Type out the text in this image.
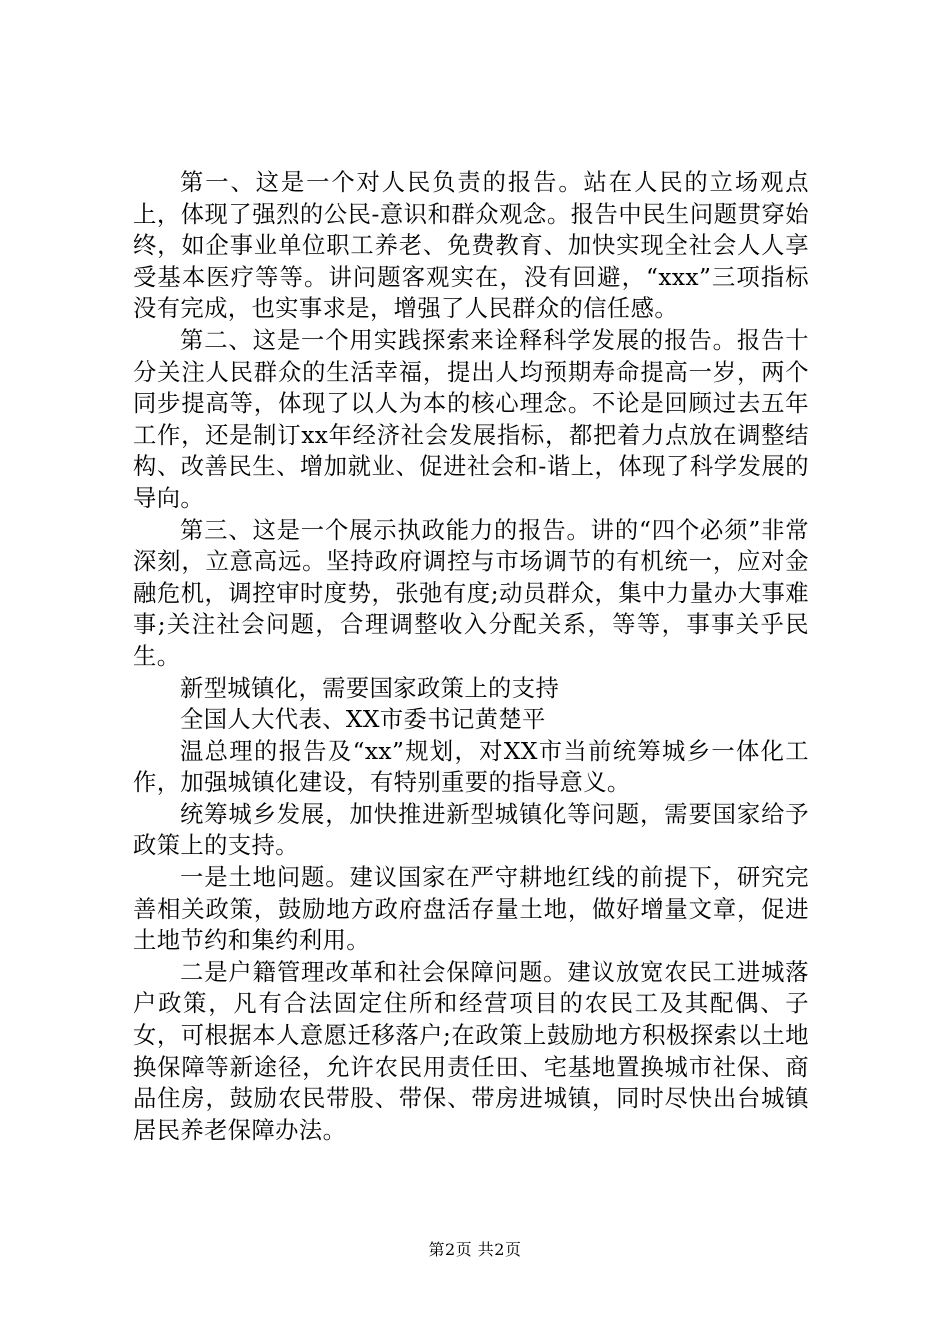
第一、这是一个对人民负责的报告。站在人民的立场观点上，体现了强烈的公民-意识和群众观念。报告中民生问题贯穿始终，如企事业单位职工养老、免费教育、加快实现全社会人人享受基本医疗等等。讲问题客观实在，没有回避，“xxx”三项指标没有完成，也实事求是，增强了人民群众的信任感。

第二、这是一个用实践探索来诠释科学发展的报告。报告十分关注人民群众的生活幸福，提出人均预期寿命提高一岁，两个同步提高等，体现了以人为本的核心理念。不论是回顾过去五年工作，还是制订xx年经济社会发展指标，都把着力点放在调整结构、改善民生、增加就业、促进社会和-谐上，体现了科学发展的导向。

第三、这是一个展示执政能力的报告。讲的“四个必须”非常深刻，立意高远。坚持政府调控与市场调节的有机统一，应对金融危机，调控审时度势，张弛有度;动员群众，集中力量办大事难事;关注社会问题，合理调整收入分配关系，等等，事事关乎民生。

新型城镇化，需要国家政策上的支持

全国人大代表、XX市委书记黄楚平

温总理的报告及“xx”规划，对XX市当前统筹城乡一体化工作，加强城镇化建设，有特别重要的指导意义。

统筹城乡发展，加快推进新型城镇化等问题，需要国家给予政策上的支持。

一是土地问题。建议国家在严守耕地红线的前提下，研究完善相关政策，鼓励地方政府盘活存量土地，做好增量文章，促进土地节约和集约利用。

二是户籍管理改革和社会保障问题。建议放宽农民工进城落户政策，凡有合法固定住所和经营项目的农民工及其配偶、子女，可根据本人意愿迁移落户;在政策上鼓励地方积极探索以土地换保障等新途径，允许农民用责任田、宅基地置换城市社保、商品住房，鼓励农民带股、带保、带房进城镇，同时尽快出台城镇居民养老保障办法。

第2页 共2页
